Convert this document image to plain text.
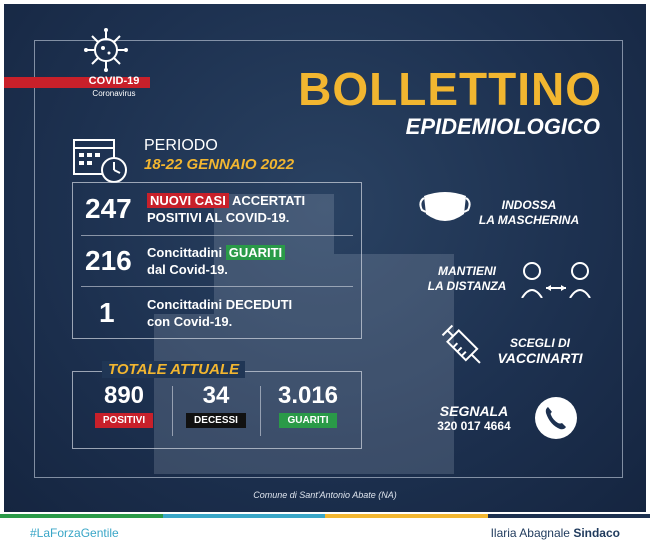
COVID-19
Coronavirus	BOLLETTINO
EPIDEMIOLOGICO
PERIODO
18-22 GENNAIO 2022
247 NUOVI CASI ACCERTATI
POSITIVI AL COVID-19.
216 Concittadini GUARITI
dal Covid-19.
1 Concittadini DECEDUTI
con Covid-19.
TOTALE ATTUALE
890
POSITIVI
34
DECESSI
3.016
GUARITI
INDOSSA
LA MASCHERINA
MANTIENI
LA DISTANZA
SCEGLI DI
VACCINARTI
SEGNALA
320 017 4664
Comune di Sant'Antonio Abate (NA)
#LaForzaGentile	Ilaria Abagnale Sindaco
